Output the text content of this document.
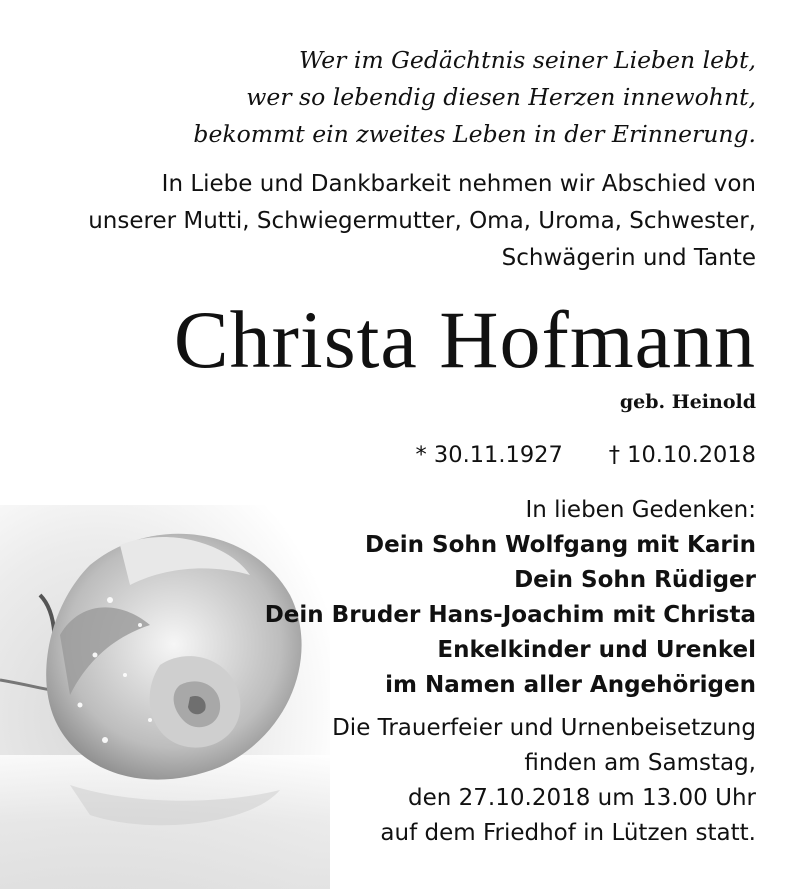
Wer im Gedächtnis seiner Lieben lebt,
wer so lebendig diesen Herzen innewohnt,
bekommt ein zweites Leben in der Erinnerung.
In Liebe und Dankbarkeit nehmen wir Abschied von
unserer Mutti, Schwiegermutter, Oma, Uroma, Schwester,
Schwägerin und Tante
Christa Hofmann
geb. Heinold
* 30.11.1927 † 10.10.2018
In lieben Gedenken:
Dein Sohn Wolfgang mit Karin
Dein Sohn Rüdiger
Dein Bruder Hans-Joachim mit Christa
Enkelkinder und Urenkel
im Namen aller Angehörigen
Die Trauerfeier und Urnenbeisetzung
finden am Samstag,
den 27.10.2018 um 13.00 Uhr
auf dem Friedhof in Lützen statt.
